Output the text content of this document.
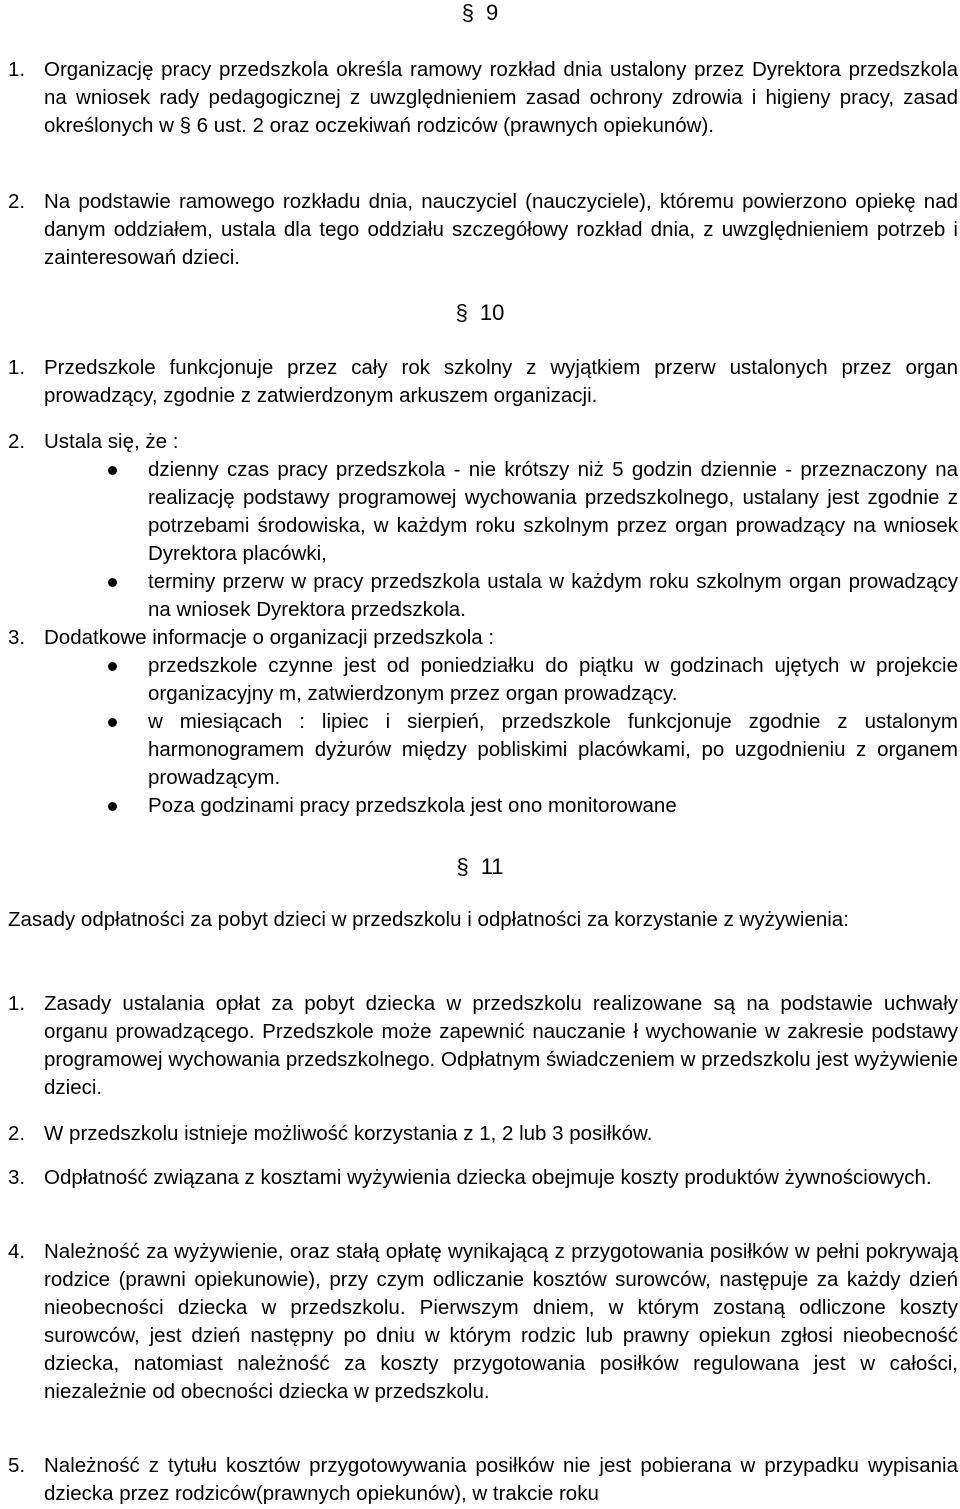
§ 9
1. Organizację pracy przedszkola określa ramowy rozkład dnia ustalony przez Dyrektora przedszkola na wniosek rady pedagogicznej z uwzględnieniem zasad ochrony zdrowia i higieny pracy, zasad określonych w § 6 ust. 2 oraz oczekiwań rodziców (prawnych opiekunów).
2. Na podstawie ramowego rozkładu dnia, nauczyciel (nauczyciele), któremu powierzono opiekę nad danym oddziałem, ustala dla tego oddziału szczegółowy rozkład dnia, z uwzględnieniem potrzeb i zainteresowań dzieci.
§ 10
1. Przedszkole funkcjonuje przez cały rok szkolny z wyjątkiem przerw ustalonych przez organ prowadzący, zgodnie z zatwierdzonym arkuszem organizacji.
2. Ustala się, że :
dzienny czas pracy przedszkola - nie krótszy niż 5 godzin dziennie - przeznaczony na realizację podstawy programowej wychowania przedszkolnego, ustalany jest zgodnie z potrzebami środowiska, w każdym roku szkolnym przez organ prowadzący na wniosek Dyrektora placówki,
terminy przerw w pracy przedszkola ustala w każdym roku szkolnym organ prowadzący na wniosek Dyrektora przedszkola.
3. Dodatkowe informacje o organizacji przedszkola :
przedszkole czynne jest od poniedziałku do piątku w godzinach ujętych w projekcie organizacyjny m, zatwierdzonym przez organ prowadzący.
w miesiącach : lipiec i sierpień, przedszkole funkcjonuje zgodnie z ustalonym harmonogramem dyżurów między pobliskimi placówkami, po uzgodnieniu z organem prowadzącym.
Poza godzinami pracy przedszkola jest ono monitorowane
§ 11
Zasady odpłatności za pobyt dzieci w przedszkolu i odpłatności za korzystanie z wyżywienia:
1. Zasady ustalania opłat za pobyt dziecka w przedszkolu realizowane są na podstawie uchwały organu prowadzącego. Przedszkole może zapewnić nauczanie ł wychowanie w zakresie podstawy programowej wychowania przedszkolnego. Odpłatnym świadczeniem w przedszkolu jest wyżywienie dzieci.
2. W przedszkolu istnieje możliwość korzystania z 1, 2 lub 3 posiłków.
3. Odpłatność związana z kosztami wyżywienia dziecka obejmuje koszty produktów żywnościowych.
4. Należność za wyżywienie, oraz stałą opłatę wynikającą z przygotowania posiłków w pełni pokrywają rodzice (prawni opiekunowie), przy czym odliczanie kosztów surowców, następuje za każdy dzień nieobecności dziecka w przedszkolu. Pierwszym dniem, w którym zostaną odliczone koszty surowców, jest dzień następny po dniu w którym rodzic lub prawny opiekun zgłosi nieobecność dziecka, natomiast należność za koszty przygotowania posiłków regulowana jest w całości, niezależnie od obecności dziecka w przedszkolu.
5. Należność z tytułu kosztów przygotowywania posiłków nie jest pobierana w przypadku wypisania dziecka przez rodziców(prawnych opiekunów), w trakcie roku
